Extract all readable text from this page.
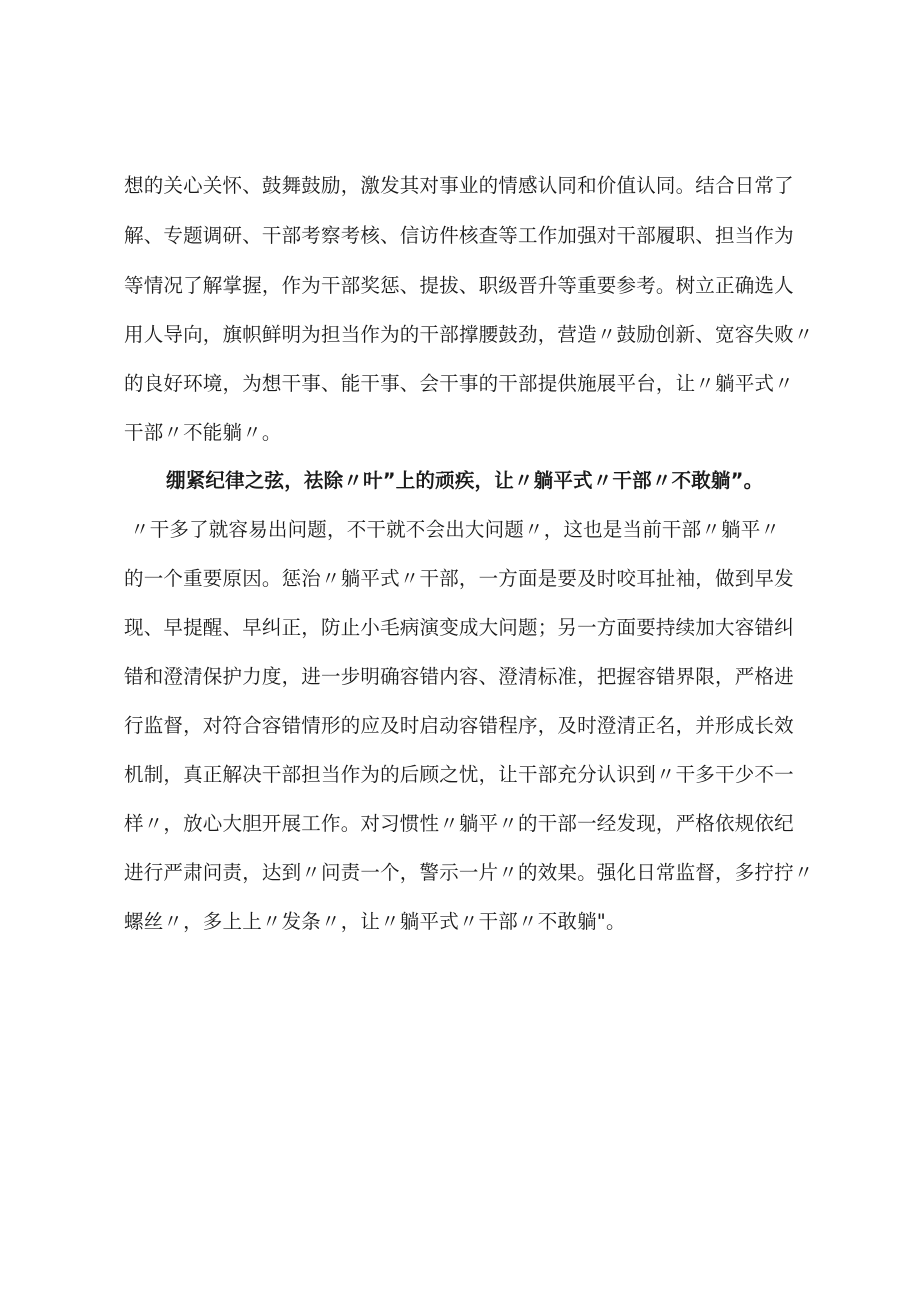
想的关心关怀、鼓舞鼓励，激发其对事业的情感认同和价值认同。结合日常了
解、专题调研、干部考察考核、信访件核查等工作加强对干部履职、担当作为
等情况了解掌握，作为干部奖惩、提拔、职级晋升等重要参考。树立正确选人
用人导向，旗帜鲜明为担当作为的干部撑腰鼓劲，营造〃鼓励创新、宽容失败〃
的良好环境，为想干事、能干事、会干事的干部提供施展平台，让〃躺平式〃
干部〃不能躺〃。
绷紧纪律之弦，祛除〃叶”上的顽疾，让〃躺平式〃干部〃不敢躺”。
〃干多了就容易出问题，不干就不会出大问题〃，这也是当前干部〃躺平〃
的一个重要原因。惩治〃躺平式〃干部，一方面是要及时咬耳扯袖，做到早发
现、早提醒、早纠正，防止小毛病演变成大问题；另一方面要持续加大容错纠
错和澄清保护力度，进一步明确容错内容、澄清标准，把握容错界限，严格进
行监督，对符合容错情形的应及时启动容错程序，及时澄清正名，并形成长效
机制，真正解决干部担当作为的后顾之忧，让干部充分认识到〃干多干少不一
样〃，放心大胆开展工作。对习惯性〃躺平〃的干部一经发现，严格依规依纪
进行严肃问责，达到〃问责一个，警示一片〃的效果。强化日常监督，多拧拧〃
螺丝〃，多上上〃发条〃，让〃躺平式〃干部〃不敢躺"。
